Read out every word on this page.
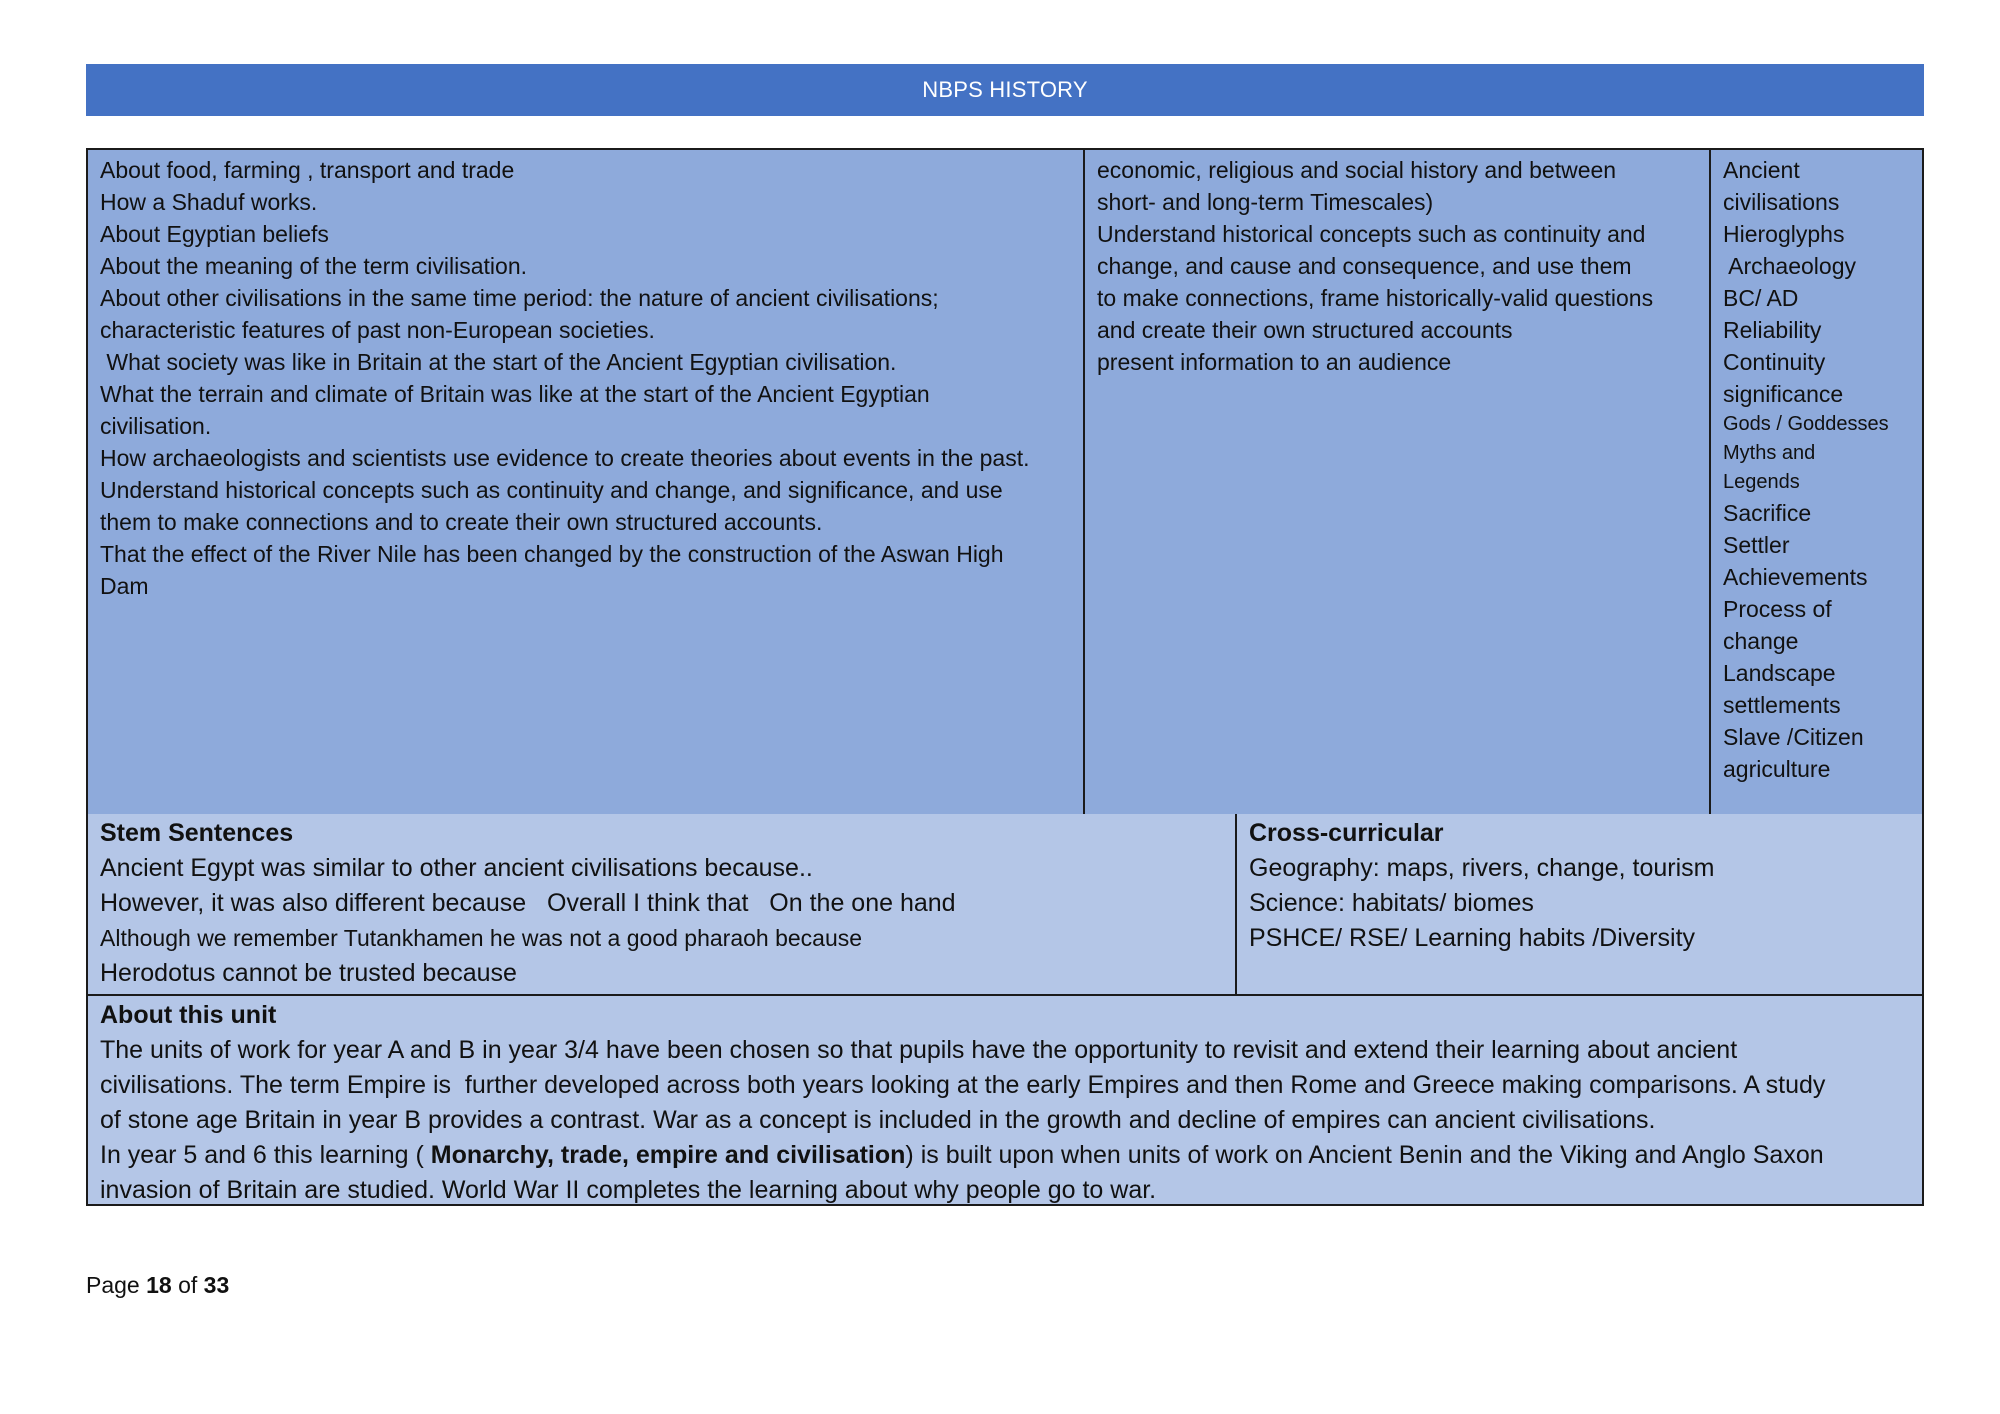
NBPS HISTORY
About food, farming , transport and trade
How a Shaduf works.
About Egyptian beliefs
About the meaning of the term civilisation.
About other civilisations in the same time period: the nature of ancient civilisations;
characteristic features of past non-European societies.
What society was like in Britain at the start of the Ancient Egyptian civilisation.
What the terrain and climate of Britain was like at the start of the Ancient Egyptian
civilisation.
How archaeologists and scientists use evidence to create theories about events in the past.
Understand historical concepts such as continuity and change, and significance, and use
them to make connections and to create their own structured accounts.
That the effect of the River Nile has been changed by the construction of the Aswan High
Dam
economic, religious and social history and between
short- and long-term Timescales)
Understand historical concepts such as continuity and
change, and cause and consequence, and use them
to make connections, frame historically-valid questions
and create their own structured accounts
present information to an audience
Ancient
civilisations
Hieroglyphs
Archaeology
BC/ AD
Reliability
Continuity
significance
Gods / Goddesses
Myths and
Legends
Sacrifice
Settler
Achievements
Process of
change
Landscape
settlements
Slave /Citizen
agriculture
Stem Sentences
Ancient Egypt was similar to other ancient civilisations because..
However, it was also different because   Overall I think that   On the one hand
Although we remember Tutankhamen he was not a good pharaoh because
Herodotus cannot be trusted because
Cross-curricular
Geography: maps, rivers, change, tourism
Science: habitats/ biomes
PSHCE/ RSE/ Learning habits /Diversity
About this unit
The units of work for year A and B in year 3/4 have been chosen so that pupils have the opportunity to revisit and extend their learning about ancient
civilisations. The term Empire is  further developed across both years looking at the early Empires and then Rome and Greece making comparisons. A study
of stone age Britain in year B provides a contrast. War as a concept is included in the growth and decline of empires can ancient civilisations.
In year 5 and 6 this learning ( Monarchy, trade, empire and civilisation) is built upon when units of work on Ancient Benin and the Viking and Anglo Saxon
invasion of Britain are studied. World War II completes the learning about why people go to war.
Page 18 of 33
